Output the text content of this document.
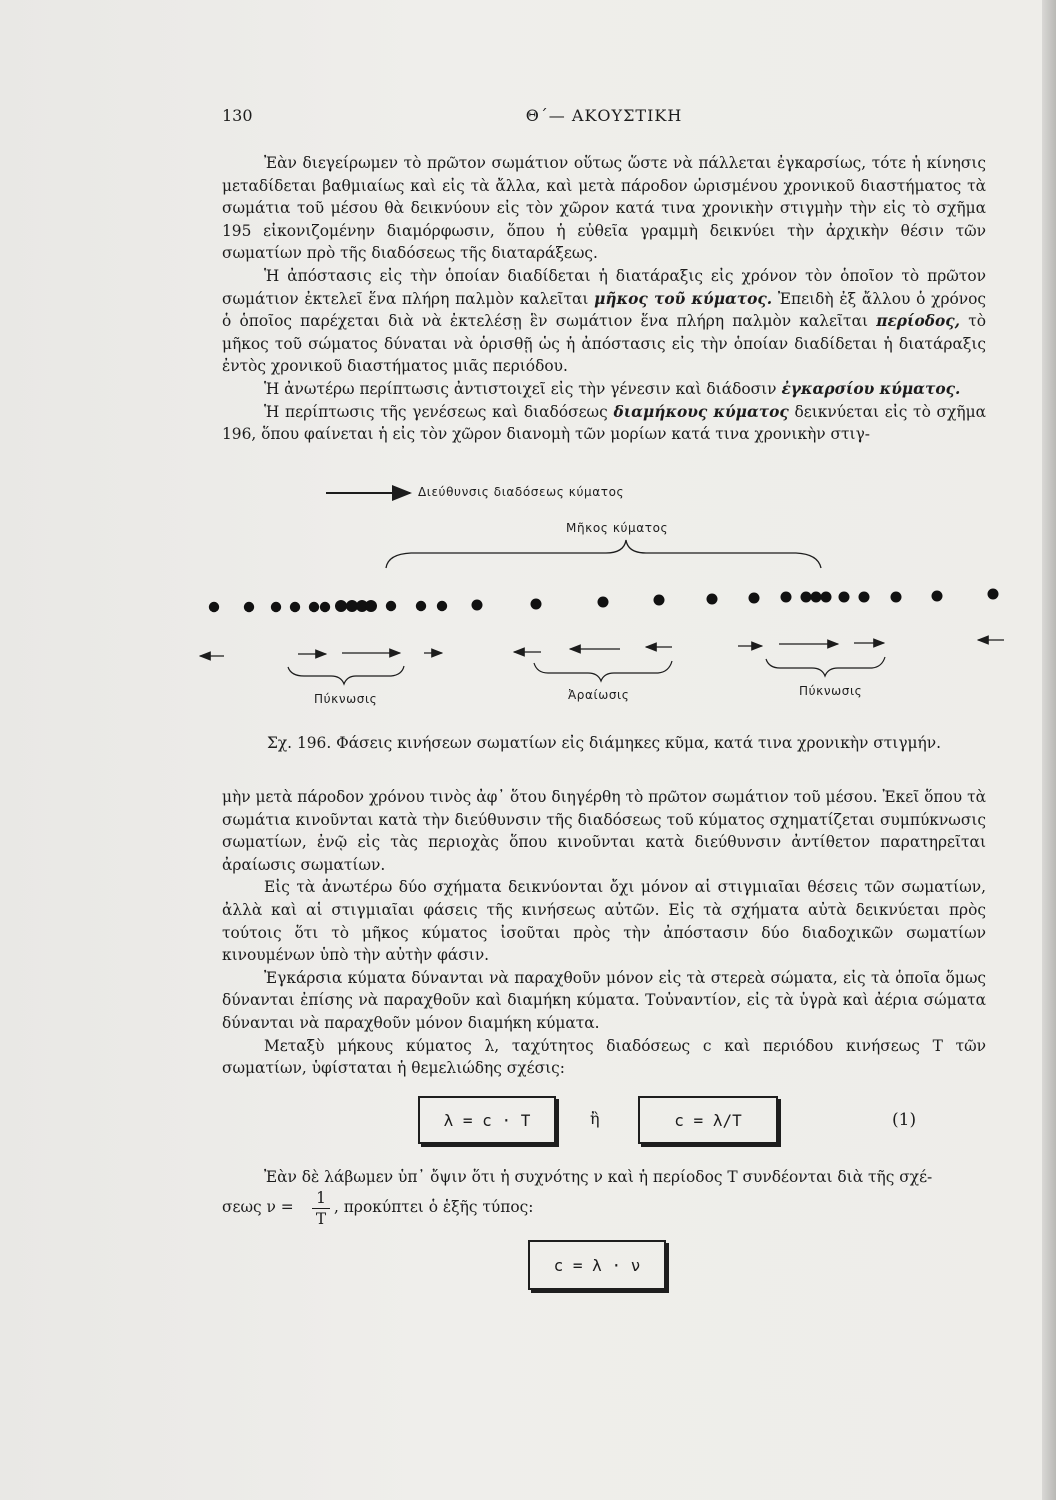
130	Θ΄— ΑΚΟΥΣΤΙΚΗ

Ἐὰν διεγείρωμεν τὸ πρῶτον σωμάτιον οὕτως ὥστε νὰ πάλλεται ἐγκαρσίως, τότε ἡ κίνησις μεταδίδεται βαθμιαίως καὶ εἰς τὰ ἄλλα, καὶ μετὰ πάροδον ὡρισμένου χρονικοῦ διαστήματος τὰ σωμάτια τοῦ μέσου θὰ δεικνύουν εἰς τὸν χῶρον κατά τινα χρονικὴν στιγμὴν τὴν εἰς τὸ σχῆμα 195 εἰκονιζομένην διαμόρφωσιν, ὅπου ἡ εὐθεῖα γραμμὴ δεικνύει τὴν ἀρχικὴν θέσιν τῶν σωματίων πρὸ τῆς διαδόσεως τῆς διαταράξεως.

Ἡ ἀπόστασις εἰς τὴν ὁποίαν διαδίδεται ἡ διατάραξις εἰς χρόνον τὸν ὁποῖον τὸ πρῶτον σωμάτιον ἐκτελεῖ ἕνα πλήρη παλμὸν καλεῖται μῆκος τοῦ κύματος. Ἐπειδὴ ἐξ ἄλλου ὁ χρόνος ὁ ὁποῖος παρέχεται διὰ νὰ ἐκτελέσῃ ἓν σωμάτιον ἕνα πλήρη παλμὸν καλεῖται περίοδος, τὸ μῆκος τοῦ σώματος δύναται νὰ ὁρισθῇ ὡς ἡ ἀπόστασις εἰς τὴν ὁποίαν διαδίδεται ἡ διατάραξις ἐντὸς χρονικοῦ διαστήματος μιᾶς περιόδου.

Ἡ ἀνωτέρω περίπτωσις ἀντιστοιχεῖ εἰς τὴν γένεσιν καὶ διάδοσιν ἐγκαρσίου κύματος.

Ἡ περίπτωσις τῆς γενέσεως καὶ διαδόσεως διαμήκους κύματος δεικνύεται εἰς τὸ σχῆμα 196, ὅπου φαίνεται ἡ εἰς τὸν χῶρον διανομὴ τῶν μορίων κατά τινα χρονικὴν στιγ-

Διεύθυνσις διαδόσεως κύματος
Μῆκος κύματος
Πύκνωσις	Ἀραίωσις	Πύκνωσις
Σχ. 196. Φάσεις κινήσεων σωματίων εἰς διάμηκες κῦμα, κατά τινα χρονικὴν στιγμήν.

μὴν μετὰ πάροδον χρόνου τινὸς ἀφ᾽ ὅτου διηγέρθη τὸ πρῶτον σωμάτιον τοῦ μέσου. Ἐκεῖ ὅπου τὰ σωμάτια κινοῦνται κατὰ τὴν διεύθυνσιν τῆς διαδόσεως τοῦ κύματος σχηματίζεται συμπύκνωσις σωματίων, ἐνῷ εἰς τὰς περιοχὰς ὅπου κινοῦνται κατὰ διεύθυνσιν ἀντίθετον παρατηρεῖται ἀραίωσις σωματίων.

Εἰς τὰ ἀνωτέρω δύο σχήματα δεικνύονται ὄχι μόνον αἱ στιγμιαῖαι θέσεις τῶν σωματίων, ἀλλὰ καὶ αἱ στιγμιαῖαι φάσεις τῆς κινήσεως αὐτῶν. Εἰς τὰ σχήματα αὐτὰ δεικνύεται πρὸς τούτοις ὅτι τὸ μῆκος κύματος ἰσοῦται πρὸς τὴν ἀπόστασιν δύο διαδοχικῶν σωματίων κινουμένων ὑπὸ τὴν αὐτὴν φάσιν.

Ἐγκάρσια κύματα δύνανται νὰ παραχθοῦν μόνον εἰς τὰ στερεὰ σώματα, εἰς τὰ ὁποῖα ὅμως δύνανται ἐπίσης νὰ παραχθοῦν καὶ διαμήκη κύματα. Τοὐναντίον, εἰς τὰ ὑγρὰ καὶ ἀέρια σώματα δύνανται νὰ παραχθοῦν μόνον διαμήκη κύματα.

Μεταξὺ μήκους κύματος λ, ταχύτητος διαδόσεως c καὶ περιόδου κινήσεως T τῶν σωματίων, ὑφίσταται ἡ θεμελιώδης σχέσις:

λ = c · T	ἢ	c = λ/T	(1)

Ἐὰν δὲ λάβωμεν ὑπ᾽ ὄψιν ὅτι ἡ συχνότης ν καὶ ἡ περίοδος T συνδέονται διὰ τῆς σχέ-

σεως $\nu = \frac{1}{T}$ , προκύπτει ὁ ἑξῆς τύπος:
c = λ · ν
